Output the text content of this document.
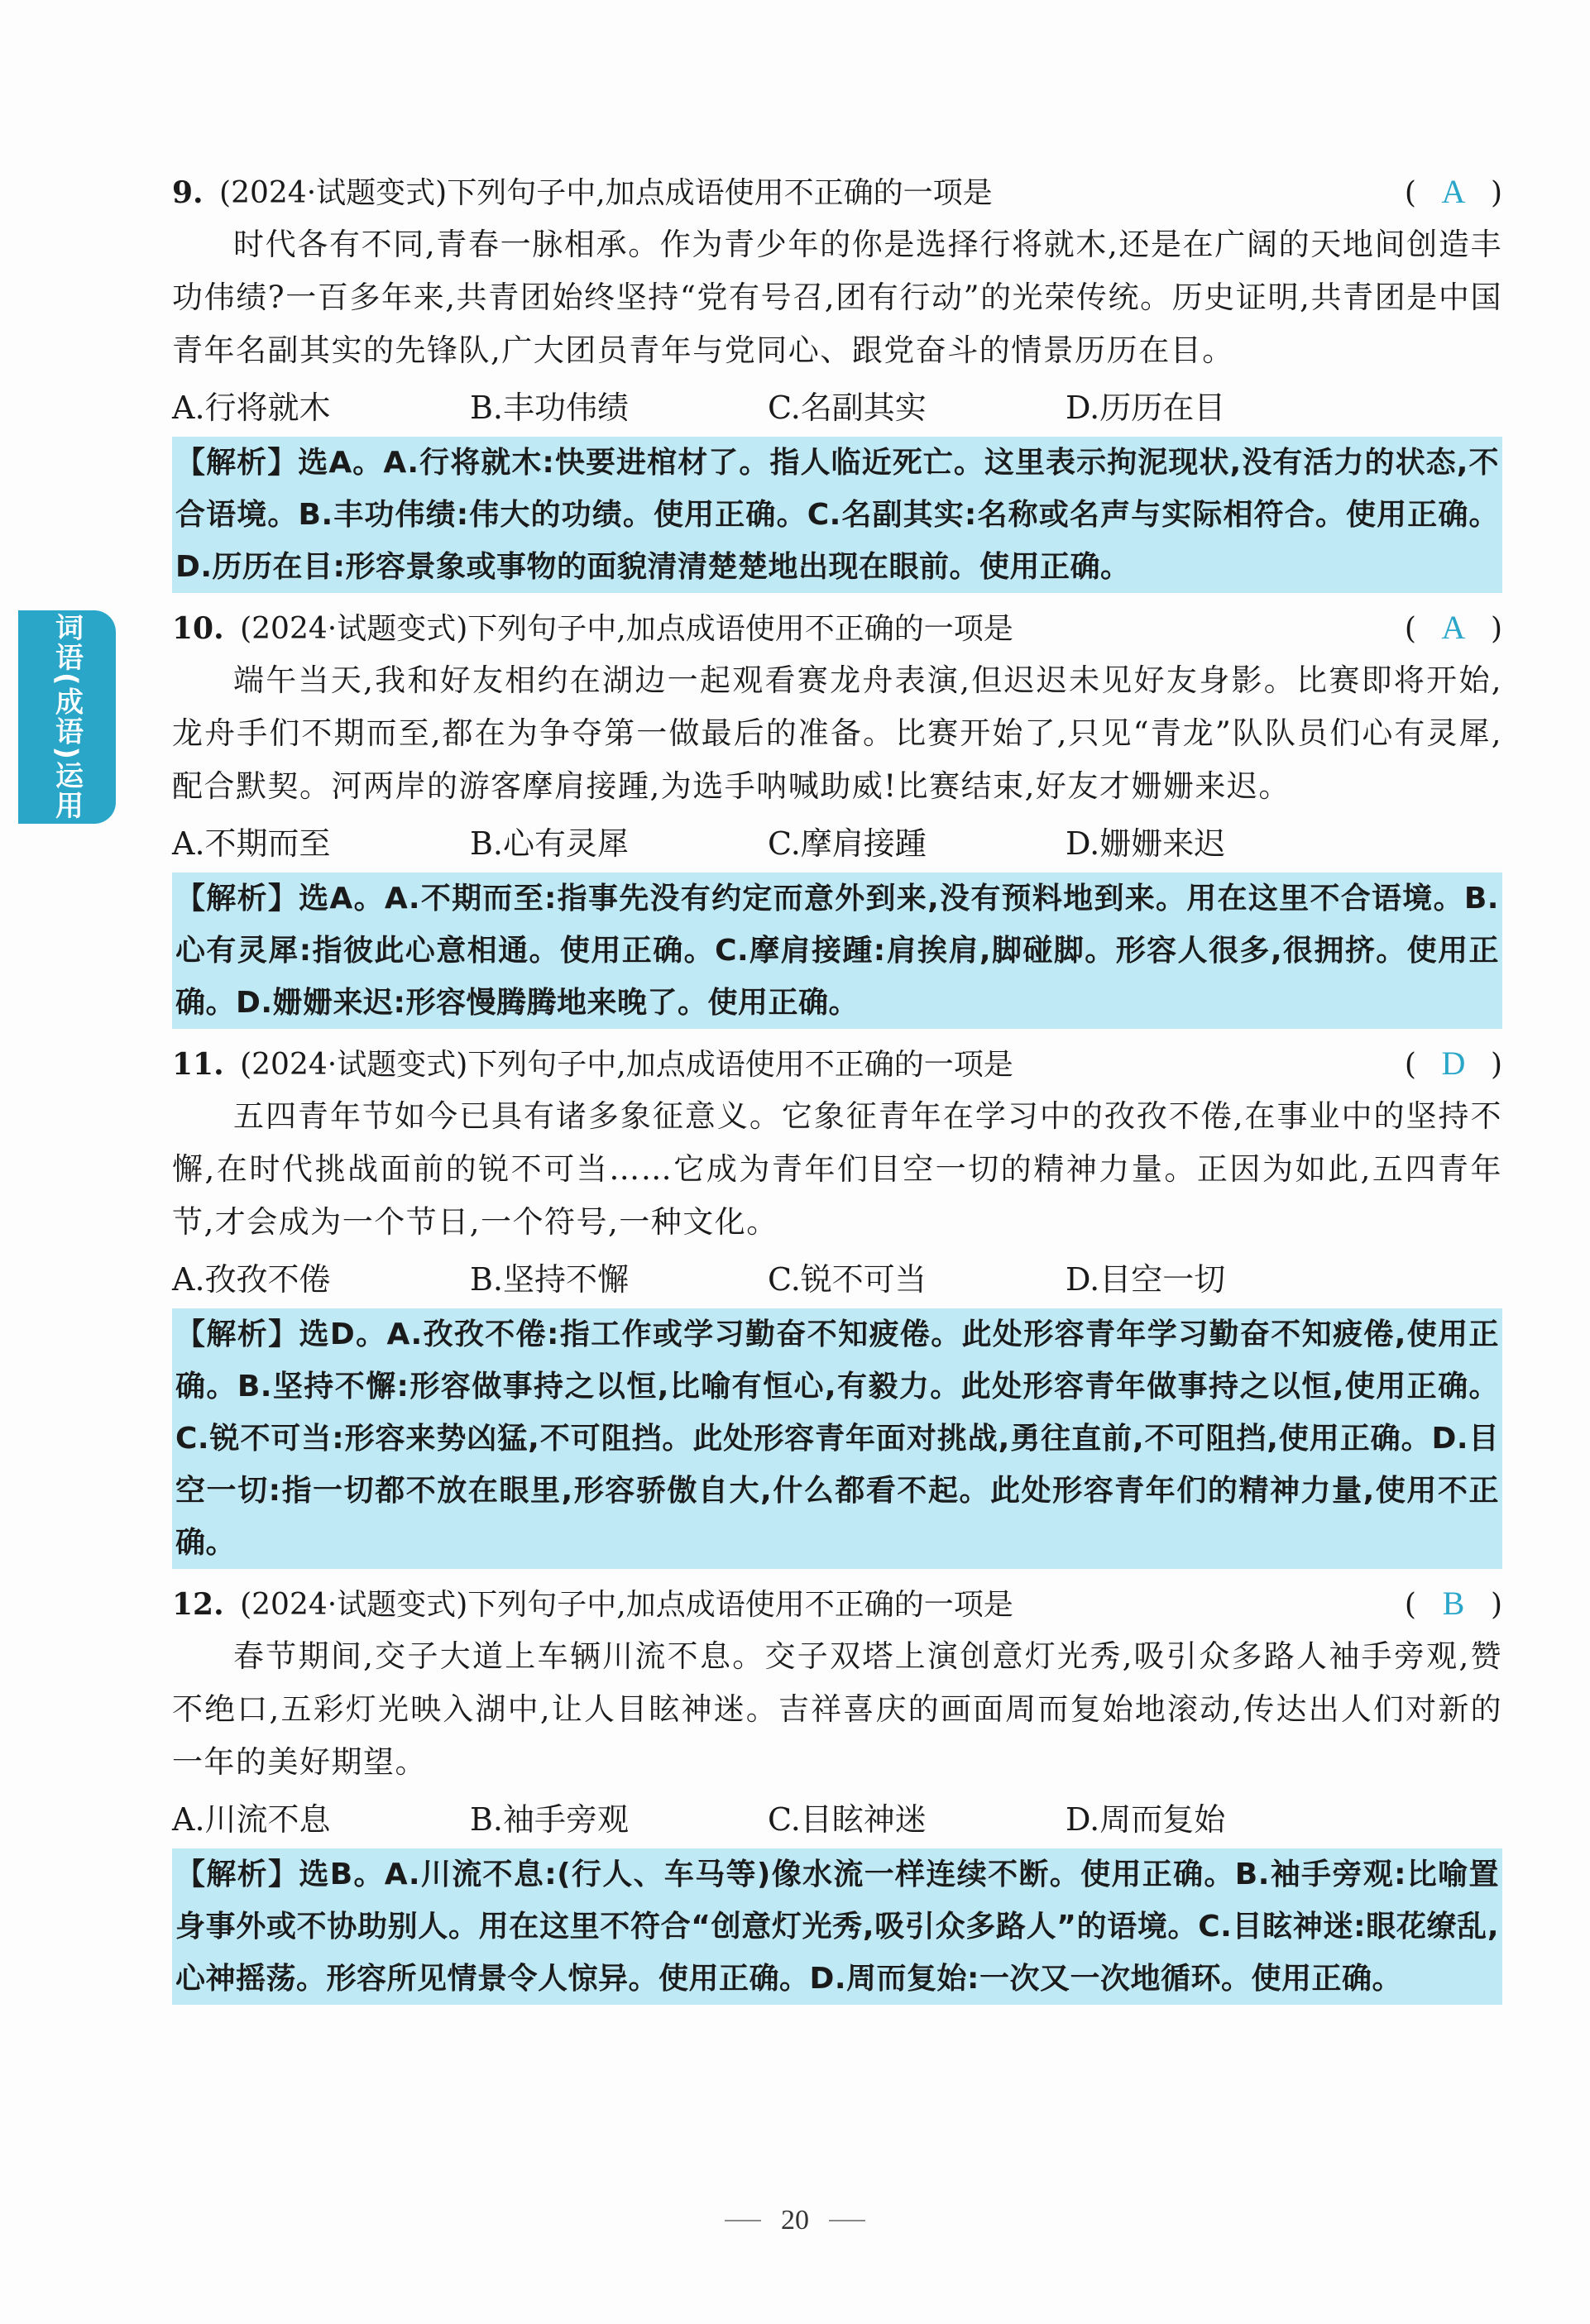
词语(成语)运用
9. (2024·试题变式)下列句子中,加点成语使用不正确的一项是	( A )
时代各有不同,青春一脉相承。作为青少年的你是选择行将就木,还是在广阔的天地间创造丰功伟绩?一百多年来,共青团始终坚持“党有号召,团有行动”的光荣传统。历史证明,共青团是中国青年名副其实的先锋队,广大团员青年与党同心、跟党奋斗的情景历历在目。
A.行将就木	B.丰功伟绩	C.名副其实	D.历历在目
【解析】选A。A.行将就木:快要进棺材了。指人临近死亡。这里表示拘泥现状,没有活力的状态,不合语境。B.丰功伟绩:伟大的功绩。使用正确。C.名副其实:名称或名声与实际相符合。使用正确。D.历历在目:形容景象或事物的面貌清清楚楚地出现在眼前。使用正确。
10. (2024·试题变式)下列句子中,加点成语使用不正确的一项是	( A )
端午当天,我和好友相约在湖边一起观看赛龙舟表演,但迟迟未见好友身影。比赛即将开始,龙舟手们不期而至,都在为争夺第一做最后的准备。比赛开始了,只见“青龙”队队员们心有灵犀,配合默契。河两岸的游客摩肩接踵,为选手呐喊助威!比赛结束,好友才姗姗来迟。
A.不期而至	B.心有灵犀	C.摩肩接踵	D.姗姗来迟
【解析】选A。A.不期而至:指事先没有约定而意外到来,没有预料地到来。用在这里不合语境。B.心有灵犀:指彼此心意相通。使用正确。C.摩肩接踵:肩挨肩,脚碰脚。形容人很多,很拥挤。使用正确。D.姗姗来迟:形容慢腾腾地来晚了。使用正确。
11. (2024·试题变式)下列句子中,加点成语使用不正确的一项是	( D )
五四青年节如今已具有诸多象征意义。它象征青年在学习中的孜孜不倦,在事业中的坚持不懈,在时代挑战面前的锐不可当……它成为青年们目空一切的精神力量。正因为如此,五四青年节,才会成为一个节日,一个符号,一种文化。
A.孜孜不倦	B.坚持不懈	C.锐不可当	D.目空一切
【解析】选D。A.孜孜不倦:指工作或学习勤奋不知疲倦。此处形容青年学习勤奋不知疲倦,使用正确。B.坚持不懈:形容做事持之以恒,比喻有恒心,有毅力。此处形容青年做事持之以恒,使用正确。C.锐不可当:形容来势凶猛,不可阻挡。此处形容青年面对挑战,勇往直前,不可阻挡,使用正确。D.目空一切:指一切都不放在眼里,形容骄傲自大,什么都看不起。此处形容青年们的精神力量,使用不正确。
12. (2024·试题变式)下列句子中,加点成语使用不正确的一项是	( B )
春节期间,交子大道上车辆川流不息。交子双塔上演创意灯光秀,吸引众多路人袖手旁观,赞不绝口,五彩灯光映入湖中,让人目眩神迷。吉祥喜庆的画面周而复始地滚动,传达出人们对新的一年的美好期望。
A.川流不息	B.袖手旁观	C.目眩神迷	D.周而复始
【解析】选B。A.川流不息:(行人、车马等)像水流一样连续不断。使用正确。B.袖手旁观:比喻置身事外或不协助别人。用在这里不符合“创意灯光秀,吸引众多路人”的语境。C.目眩神迷:眼花缭乱,心神摇荡。形容所见情景令人惊异。使用正确。D.周而复始:一次又一次地循环。使用正确。
20
